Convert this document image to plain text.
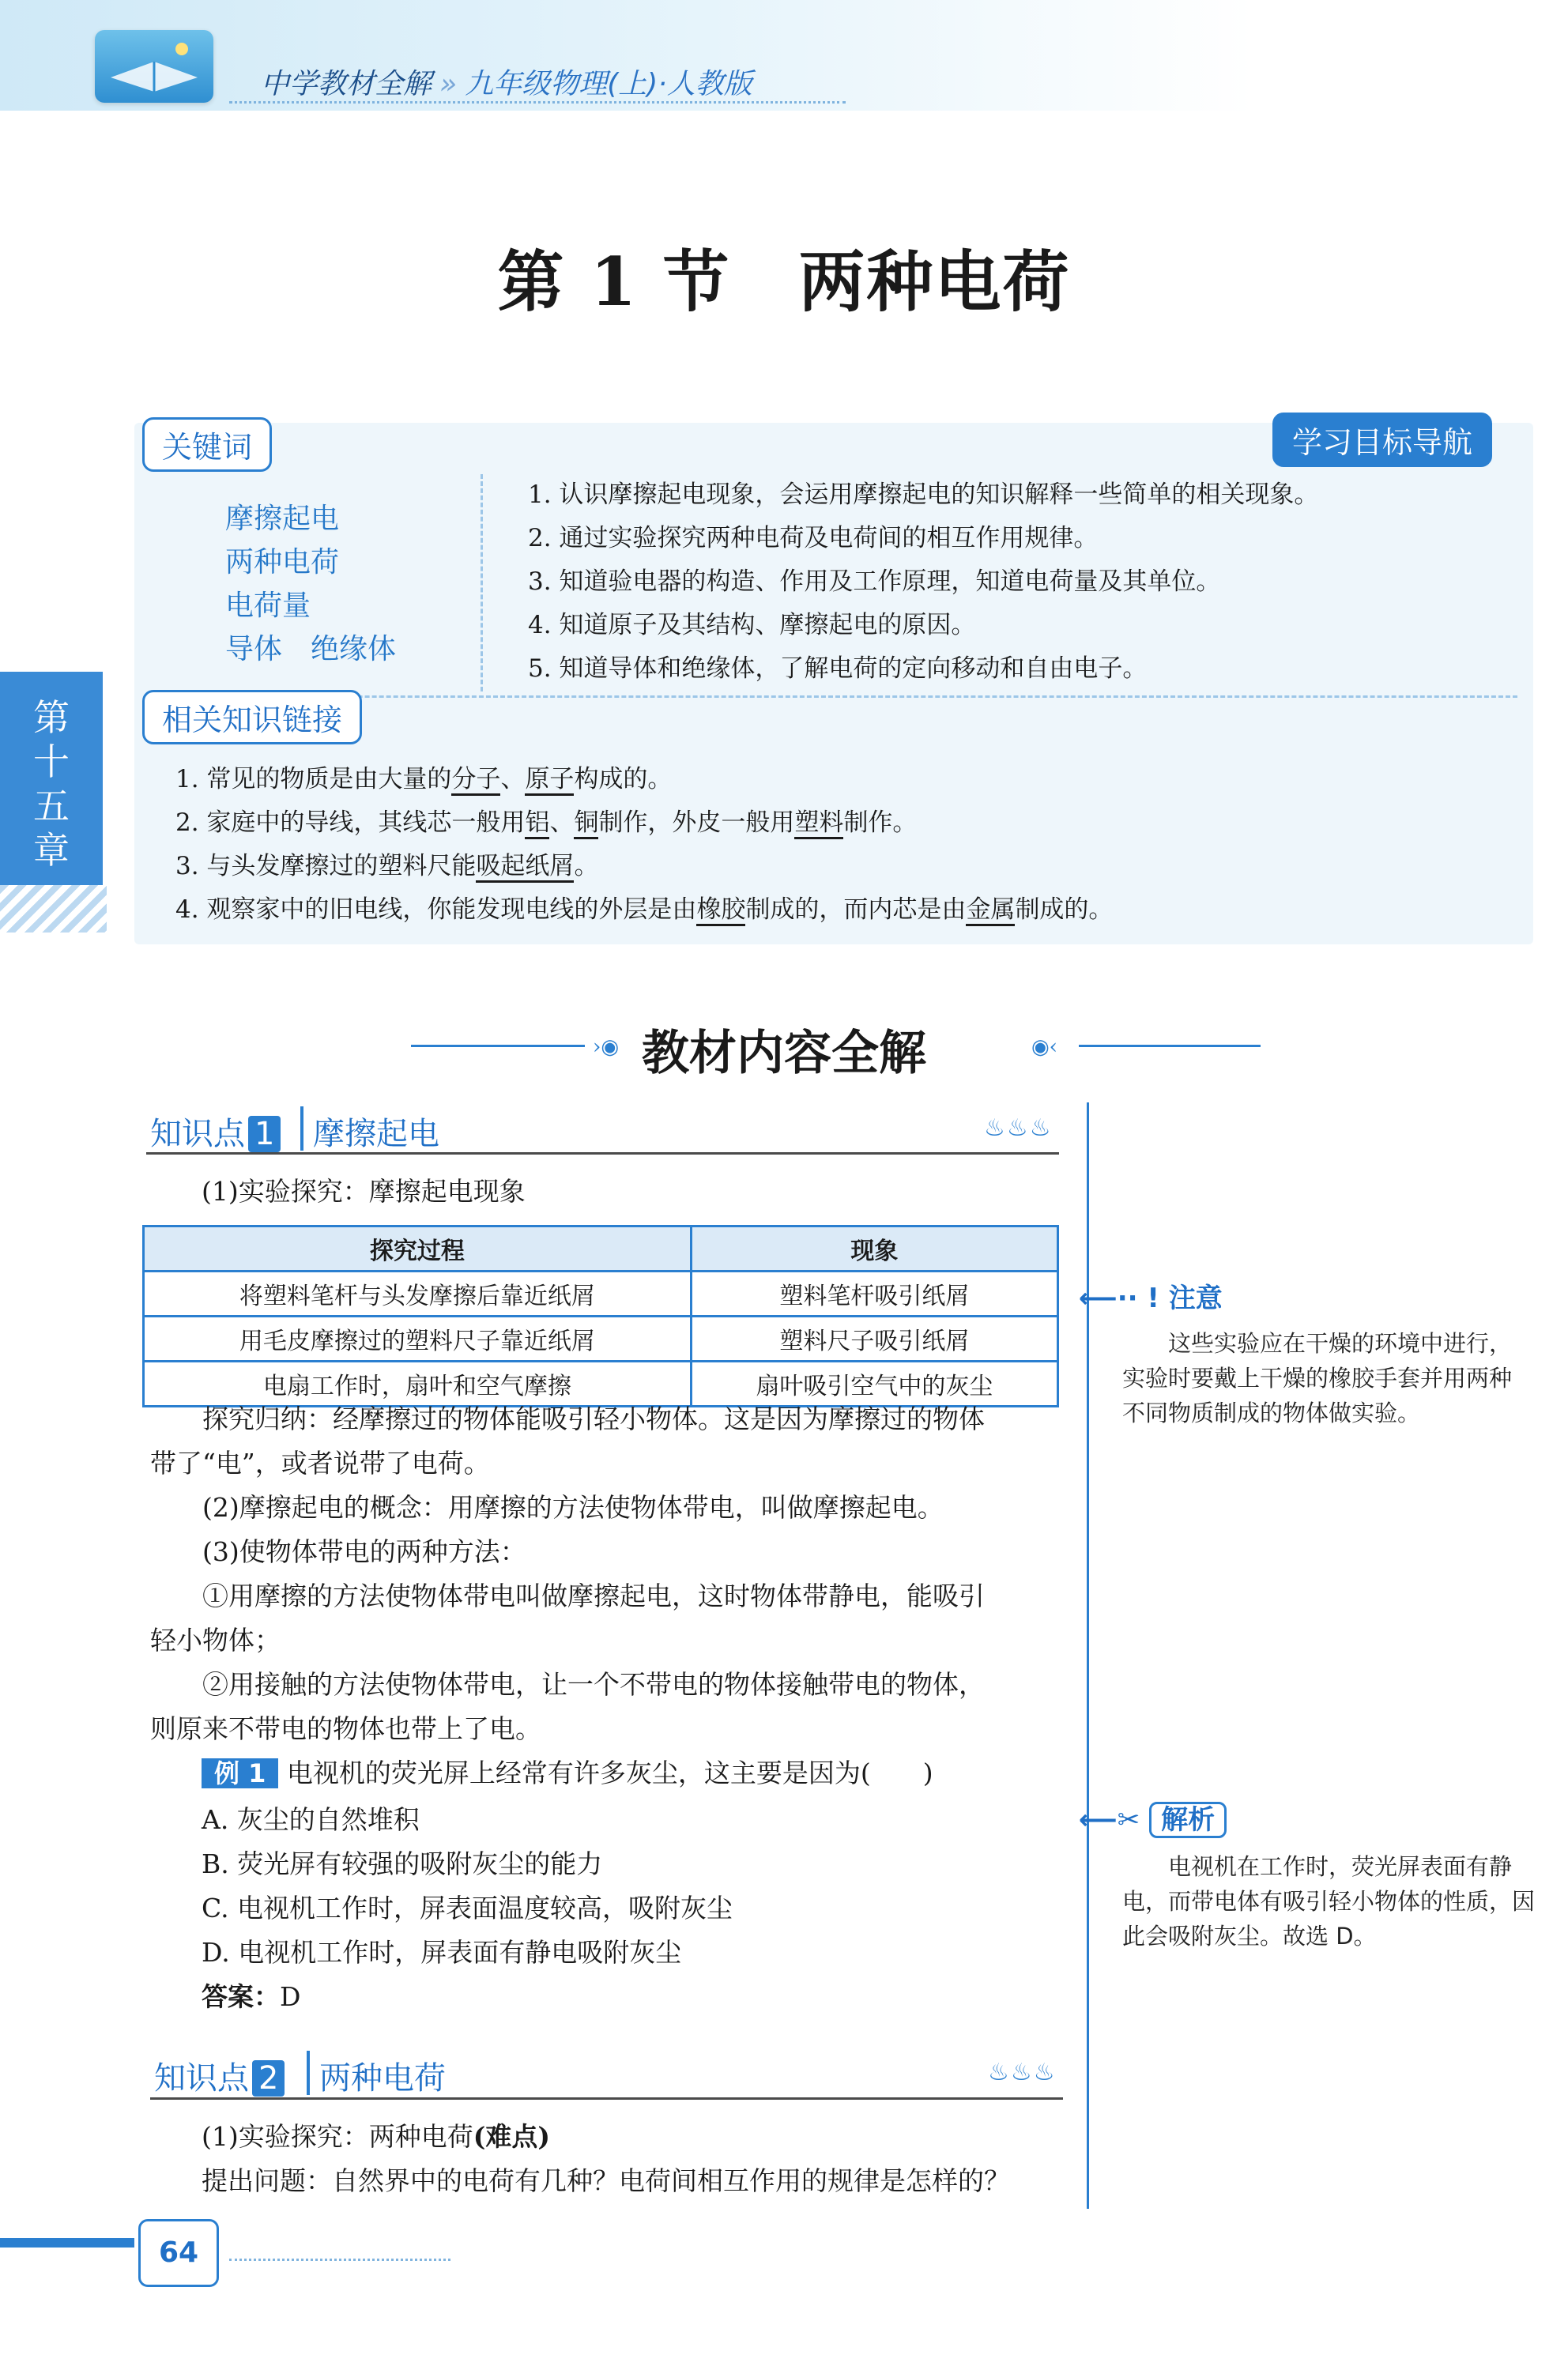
中学教材全解 » 九年级物理(上)·人教版
第 1 节　两种电荷
关键词	学习目标导航
摩擦起电
两种电荷
电荷量
导体　绝缘体
1. 认识摩擦起电现象，会运用摩擦起电的知识解释一些简单的相关现象。
2. 通过实验探究两种电荷及电荷间的相互作用规律。
3. 知道验电器的构造、作用及工作原理，知道电荷量及其单位。
4. 知道原子及其结构、摩擦起电的原因。
5. 知道导体和绝缘体，了解电荷的定向移动和自由电子。
相关知识链接
1. 常见的物质是由大量的分子、原子构成的。
2. 家庭中的导线，其线芯一般用铝、铜制作，外皮一般用塑料制作。
3. 与头发摩擦过的塑料尺能吸起纸屑。
4. 观察家中的旧电线，你能发现电线的外层是由橡胶制成的，而内芯是由金属制成的。
第
十
五
章
›◉ 教材内容全解	◉‹
知识点 1	摩擦起电	♨♨♨
(1)实验探究：摩擦起电现象
探究过程	现象
将塑料笔杆与头发摩擦后靠近纸屑	塑料笔杆吸引纸屑
用毛皮摩擦过的塑料尺子靠近纸屑	塑料尺子吸引纸屑
电扇工作时，扇叶和空气摩擦	扇叶吸引空气中的灰尘
　　探究归纳：经摩擦过的物体能吸引轻小物体。这是因为摩擦过的物体
带了“电”，或者说带了电荷。
　　(2)摩擦起电的概念：用摩擦的方法使物体带电，叫做摩擦起电。
　　(3)使物体带电的两种方法：
　　①用摩擦的方法使物体带电叫做摩擦起电，这时物体带静电，能吸引
轻小物体；
　　②用接触的方法使物体带电，让一个不带电的物体接触带电的物体，
则原来不带电的物体也带上了电。
例 1 电视机的荧光屏上经常有许多灰尘，这主要是因为(　　)
A. 灰尘的自然堆积
B. 荧光屏有较强的吸附灰尘的能力
C. 电视机工作时，屏表面温度较高，吸附灰尘
D. 电视机工作时，屏表面有静电吸附灰尘
答案：D
⟵·· ! 注意
　　这些实验应在干燥的环境中进行，
实验时要戴上干燥的橡胶手套并用两种
不同物质制成的物体做实验。
⟵✂ 解析
　　电视机在工作时，荧光屏表面有静
电，而带电体有吸引轻小物体的性质，因
此会吸附灰尘。故选 D。
知识点 2	两种电荷	♨♨♨
(1)实验探究：两种电荷(难点)
提出问题：自然界中的电荷有几种？电荷间相互作用的规律是怎样的？
64
